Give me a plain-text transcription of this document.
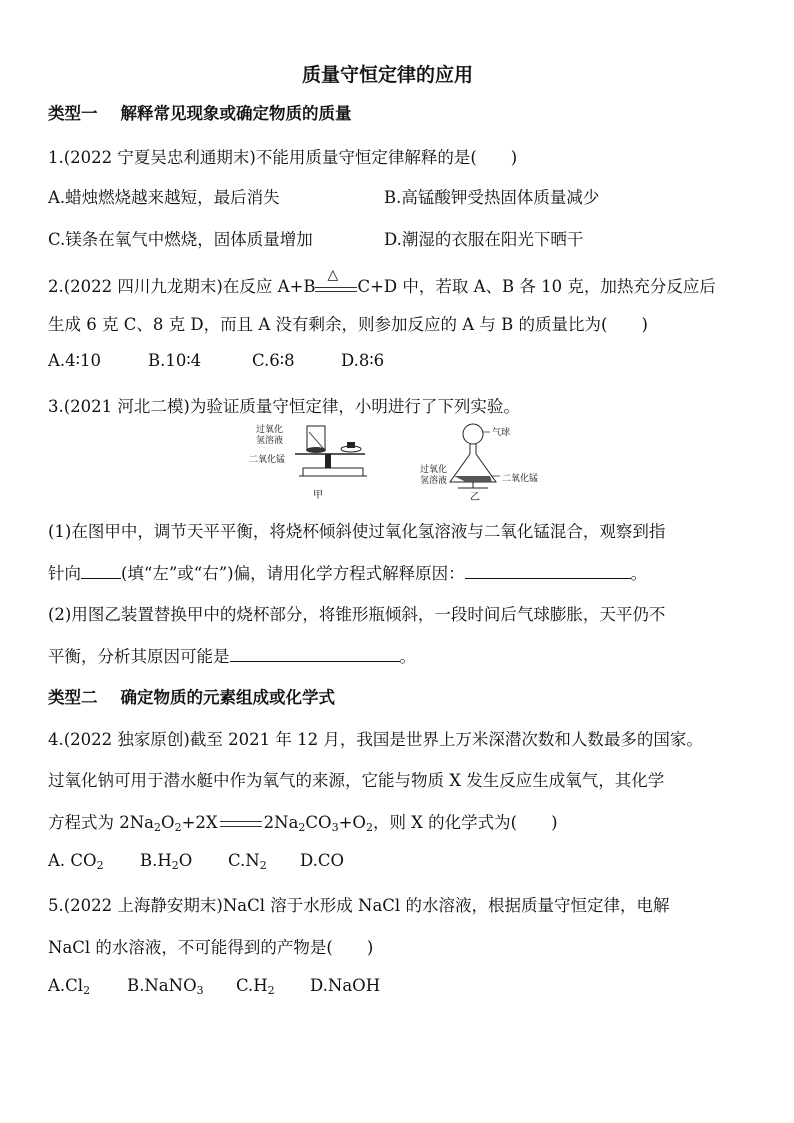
质量守恒定律的应用
类型一 解释常见现象或确定物质的质量
1.(2022 宁夏吴忠利通期末)不能用质量守恒定律解释的是( )
A.蜡烛燃烧越来越短，最后消失	B.高锰酸钾受热固体质量减少
C.镁条在氧气中燃烧，固体质量增加	D.潮湿的衣服在阳光下晒干
2.(2022 四川九龙期末)在反应 A+B
△
C+D 中，若取 A、B 各 10 克，加热充分反应后
生成 6 克 C、8 克 D，而且 A 没有剩余，则参加反应的 A 与 B 的质量比为( )
A.4∶10	B.10∶4	C.6∶8	D.8∶6
3.(2021 河北二模)为验证质量守恒定律，小明进行了下列实验。
过氧化
氢溶液
二氧化锰
甲
气球
过氧化
氢溶液	二氧化锰
乙
(1)在图甲中，调节天平平衡，将烧杯倾斜使过氧化氢溶液与二氧化锰混合，观察到指
针向 (填“左”或“右”)偏，请用化学方程式解释原因：	。
(2)用图乙装置替换甲中的烧杯部分，将锥形瓶倾斜，一段时间后气球膨胀，天平仍不
平衡，分析其原因可能是	。
类型二 确定物质的元素组成或化学式
4.(2022 独家原创)截至 2021 年 12 月，我国是世界上万米深潜次数和人数最多的国家。
过氧化钠可用于潜水艇中作为氧气的来源，它能与物质 X 发生反应生成氧气，其化学
方程式为 $2Na_2O_2+2X$	$2Na_2CO_3+O_2$，则 X 的化学式为( )
A. $CO_2$ $B.H_2O$ $C.N_2$ D.CO
5.(2022 上海静安期末)NaCl 溶于水形成 NaCl 的水溶液，根据质量守恒定律，电解
NaCl 的水溶液，不可能得到的产物是( )
$A.Cl_2$ B.NaNO$_3$ $C.H_2$ D.NaOH
